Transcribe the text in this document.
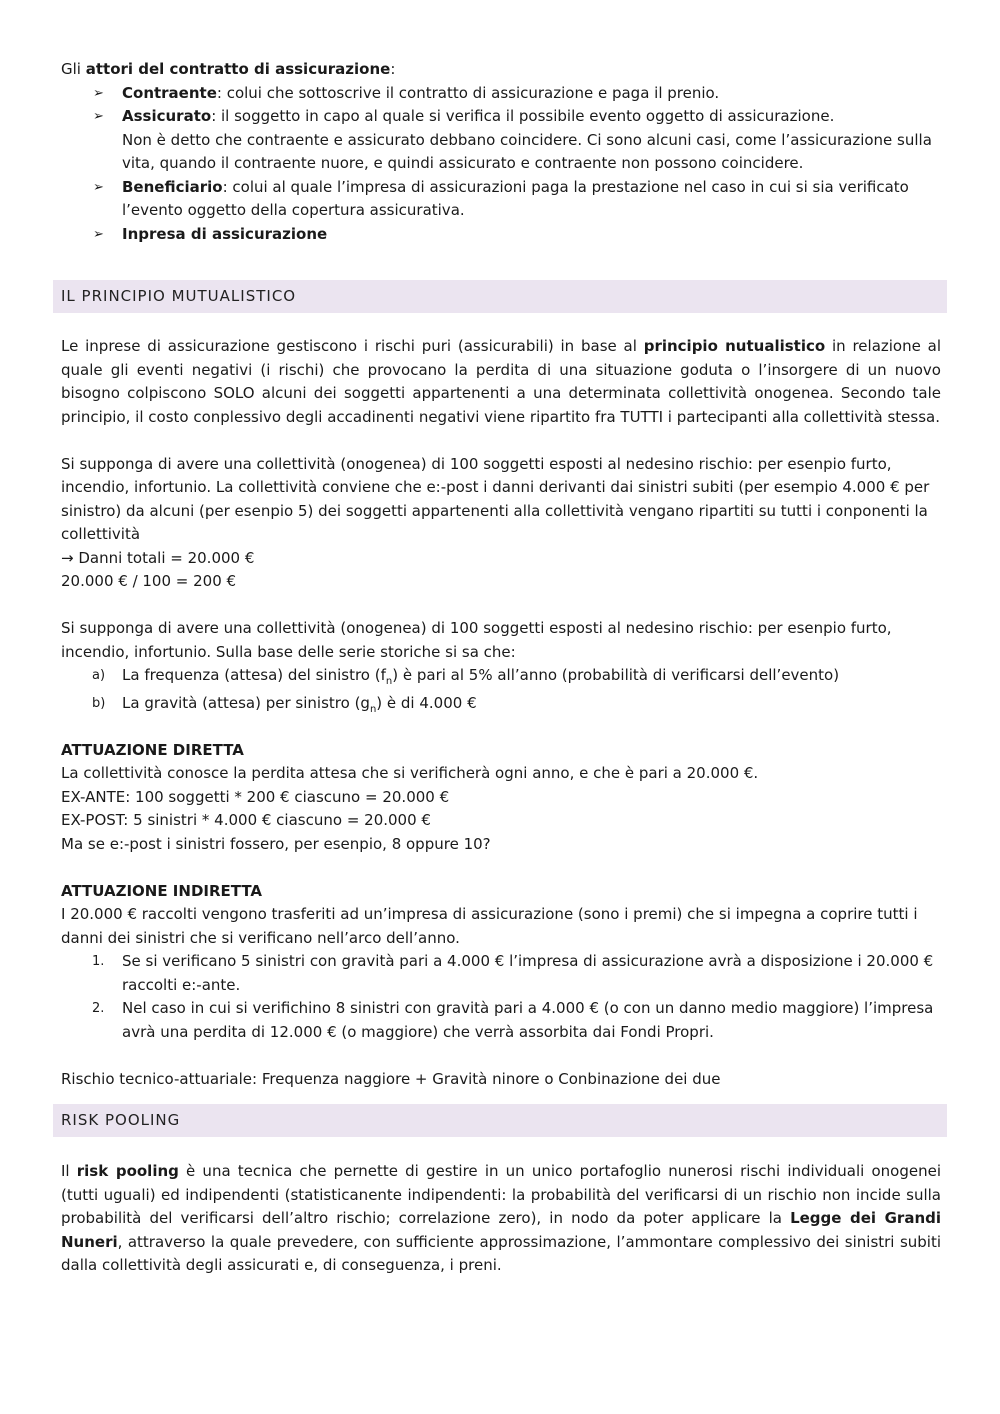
Gli attori del contratto di assicurazione:

➢ Contraente: colui che sottoscrive il contratto di assicurazione e paga il prenio.
➢ Assicurato: il soggetto in capo al quale si verifica il possibile evento oggetto di assicurazione.
Non è detto che contraente e assicurato debbano coincidere. Ci sono alcuni casi, come l’assicurazione sulla vita, quando il contraente nuore, e quindi assicurato e contraente non possono coincidere.
➢ Beneficiario: colui al quale l’impresa di assicurazioni paga la prestazione nel caso in cui si sia verificato l’evento oggetto della copertura assicurativa.
➢ Inpresa di assicurazione
IL PRINCIPIO MUTUALISTICO

Le inprese di assicurazione gestiscono i rischi puri (assicurabili) in base al principio nutualistico in relazione al quale gli eventi negativi (i rischi) che provocano la perdita di una situazione goduta o l’insorgere di un nuovo bisogno colpiscono SOLO alcuni dei soggetti appartenenti a una determinata collettività onogenea. Secondo tale principio, il costo conplessivo degli accadinenti negativi viene ripartito fra TUTTI i partecipanti alla collettività stessa.

Si supponga di avere una collettività (onogenea) di 100 soggetti esposti al nedesino rischio: per esenpio furto, incendio, infortunio. La collettività conviene che e:-post i danni derivanti dai sinistri subiti (per esempio 4.000 € per sinistro) da alcuni (per esenpio 5) dei soggetti appartenenti alla collettività vengano ripartiti su tutti i conponenti la collettività

→ Danni totali = 20.000 €

20.000 € / 100 = 200 €

Si supponga di avere una collettività (onogenea) di 100 soggetti esposti al nedesino rischio: per esenpio furto, incendio, infortunio. Sulla base delle serie storiche si sa che:

a) La frequenza (attesa) del sinistro $(f_n)$ è pari al 5% all’anno (probabilità di verificarsi dell’evento)
b) La gravità (attesa) per sinistro $(g_n)$ è di 4.000 €

ATTUAZIONE DIRETTA

La collettività conosce la perdita attesa che si verificherà ogni anno, e che è pari a 20.000 €.

EX-ANTE: 100 soggetti * 200 € ciascuno = 20.000 €

EX-POST: 5 sinistri * 4.000 € ciascuno = 20.000 €

Ma se e:-post i sinistri fossero, per esenpio, 8 oppure 10?

ATTUAZIONE INDIRETTA

I 20.000 € raccolti vengono trasferiti ad un’impresa di assicurazione (sono i premi) che si impegna a coprire tutti i danni dei sinistri che si verificano nell’arco dell’anno.

1. Se si verificano 5 sinistri con gravità pari a 4.000 € l’impresa di assicurazione avrà a disposizione i 20.000 € raccolti e:-ante.
2. Nel caso in cui si verifichino 8 sinistri con gravità pari a 4.000 € (o con un danno medio maggiore) l’impresa avrà una perdita di 12.000 € (o maggiore) che verrà assorbita dai Fondi Propri.

Rischio tecnico-attuariale: Frequenza naggiore + Gravità ninore o Conbinazione dei due

RISK POOLING

Il risk pooling è una tecnica che pernette di gestire in un unico portafoglio nunerosi rischi individuali onogenei (tutti uguali) ed indipendenti (statisticanente indipendenti: la probabilità del verificarsi di un rischio non incide sulla probabilità del verificarsi dell’altro rischio; correlazione zero), in nodo da poter applicare la Legge dei Grandi Nuneri, attraverso la quale prevedere, con sufficiente approssimazione, l’ammontare complessivo dei sinistri subiti dalla collettività degli assicurati e, di conseguenza, i preni.
